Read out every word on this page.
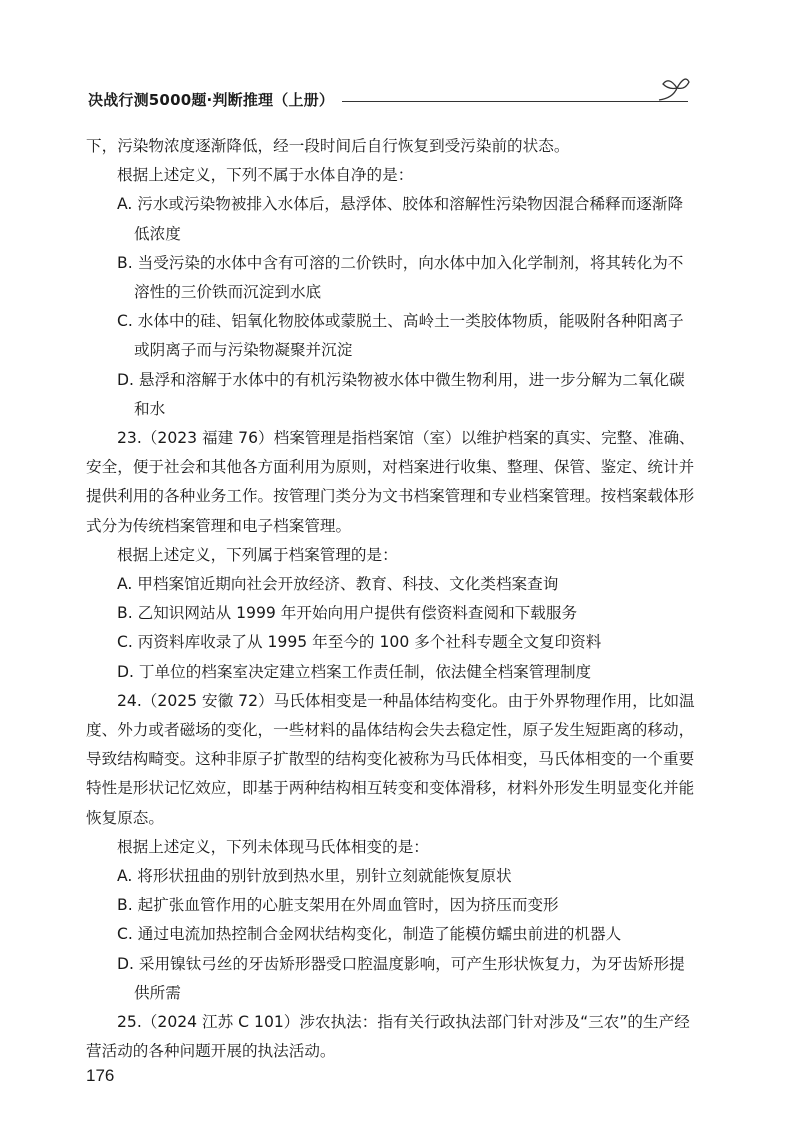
决战行测5000题·判断推理（上册）

下，污染物浓度逐渐降低，经一段时间后自行恢复到受污染前的状态。

根据上述定义，下列不属于水体自净的是：

A. 污水或污染物被排入水体后，悬浮体、胶体和溶解性污染物因混合稀释而逐渐降低浓度

B. 当受污染的水体中含有可溶的二价铁时，向水体中加入化学制剂，将其转化为不溶性的三价铁而沉淀到水底

C. 水体中的硅、铝氧化物胶体或蒙脱土、高岭土一类胶体物质，能吸附各种阳离子或阴离子而与污染物凝聚并沉淀

D. 悬浮和溶解于水体中的有机污染物被水体中微生物利用，进一步分解为二氧化碳和水

23.（2023 福建 76）档案管理是指档案馆（室）以维护档案的真实、完整、准确、安全，便于社会和其他各方面利用为原则，对档案进行收集、整理、保管、鉴定、统计并提供利用的各种业务工作。按管理门类分为文书档案管理和专业档案管理。按档案载体形式分为传统档案管理和电子档案管理。

根据上述定义，下列属于档案管理的是：

A. 甲档案馆近期向社会开放经济、教育、科技、文化类档案查询

B. 乙知识网站从 1999 年开始向用户提供有偿资料查阅和下载服务

C. 丙资料库收录了从 1995 年至今的 100 多个社科专题全文复印资料

D. 丁单位的档案室决定建立档案工作责任制，依法健全档案管理制度

24.（2025 安徽 72）马氏体相变是一种晶体结构变化。由于外界物理作用，比如温度、外力或者磁场的变化，一些材料的晶体结构会失去稳定性，原子发生短距离的移动，导致结构畸变。这种非原子扩散型的结构变化被称为马氏体相变，马氏体相变的一个重要特性是形状记忆效应，即基于两种结构相互转变和变体滑移，材料外形发生明显变化并能恢复原态。

根据上述定义，下列未体现马氏体相变的是：

A. 将形状扭曲的别针放到热水里，别针立刻就能恢复原状

B. 起扩张血管作用的心脏支架用在外周血管时，因为挤压而变形

C. 通过电流加热控制合金网状结构变化，制造了能模仿蠕虫前进的机器人

D. 采用镍钛弓丝的牙齿矫形器受口腔温度影响，可产生形状恢复力，为牙齿矫形提供所需

25.（2024 江苏 C 101）涉农执法：指有关行政执法部门针对涉及“三农”的生产经营活动的各种问题开展的执法活动。

176
